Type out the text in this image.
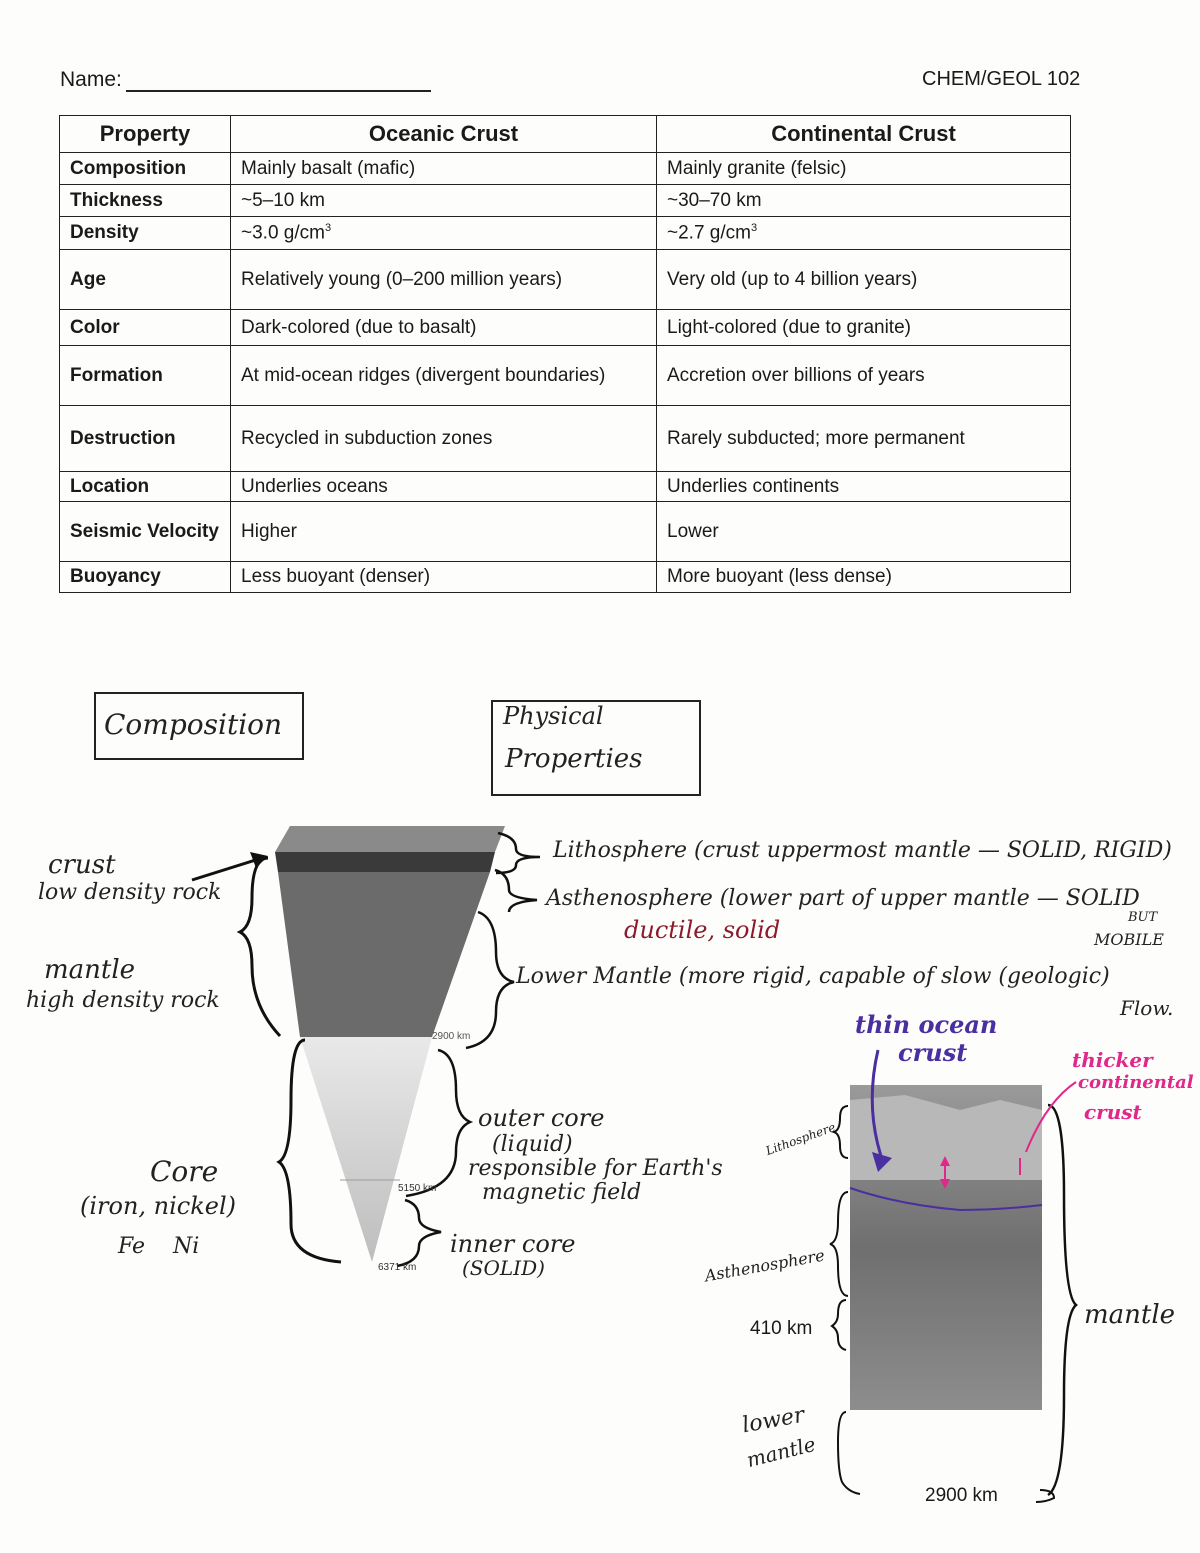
Name:	CHEM/GEOL 102
Property	Oceanic Crust	Continental Crust
Composition	Mainly basalt (mafic)	Mainly granite (felsic)
Thickness	~5–10 km	~30–70 km
Density	~3.0 $g/cm^3$	~2.7 $g/cm^3$
Age	Relatively young (0–200 million years)	Very old (up to 4 billion years)
Color	Dark-colored (due to basalt)	Light-colored (due to granite)
Formation	At mid-ocean ridges (divergent boundaries)	Accretion over billions of years
Destruction	Recycled in subduction zones	Rarely subducted; more permanent
Location	Underlies oceans	Underlies continents
Seismic Velocity	Higher	Lower
Buoyancy	Less buoyant (denser)	More buoyant (less dense)
Composition	Physical
Properties
crust
low density rock
mantle
high density rock
Core
(iron, nickel)
Fe    Ni
Lithosphere (crust uppermost mantle — SOLID, RIGID)
Asthenosphere (lower part of upper mantle — SOLID
BUT
MOBILE
ductile, solid
Lower Mantle (more rigid, capable of slow (geologic)
Flow.
outer core
(liquid)
responsible for Earth's
magnetic field
inner core
(SOLID)
2900 km
5150 km
6371 km
thin ocean
crust	thicker
continental
crust
Lithosphere
Asthenosphere
410 km
lower
mantle
mantle
2900 km
